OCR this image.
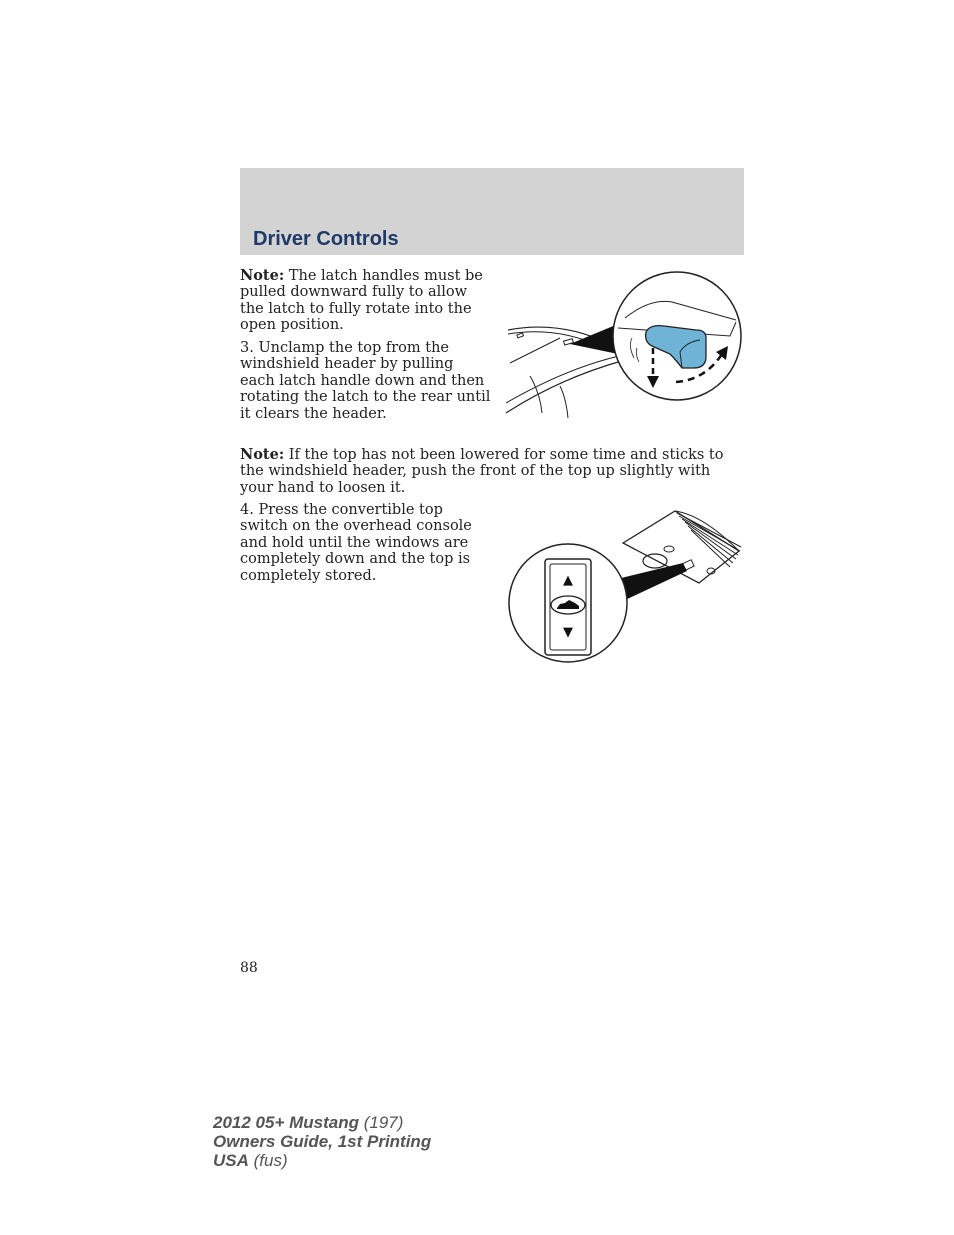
Driver Controls

Note: The latch handles must be pulled downward fully to allow the latch to fully rotate into the open position.

3. Unclamp the top from the windshield header by pulling each latch handle down and then rotating the latch to the rear until it clears the header.

Note: If the top has not been lowered for some time and sticks to the windshield header, push the front of the top up slightly with your hand to loosen it.

4. Press the convertible top switch on the overhead console and hold until the windows are completely down and the top is completely stored.	▲
▼
88
2012 05+ Mustang (197)
Owners Guide, 1st Printing
USA (fus)
